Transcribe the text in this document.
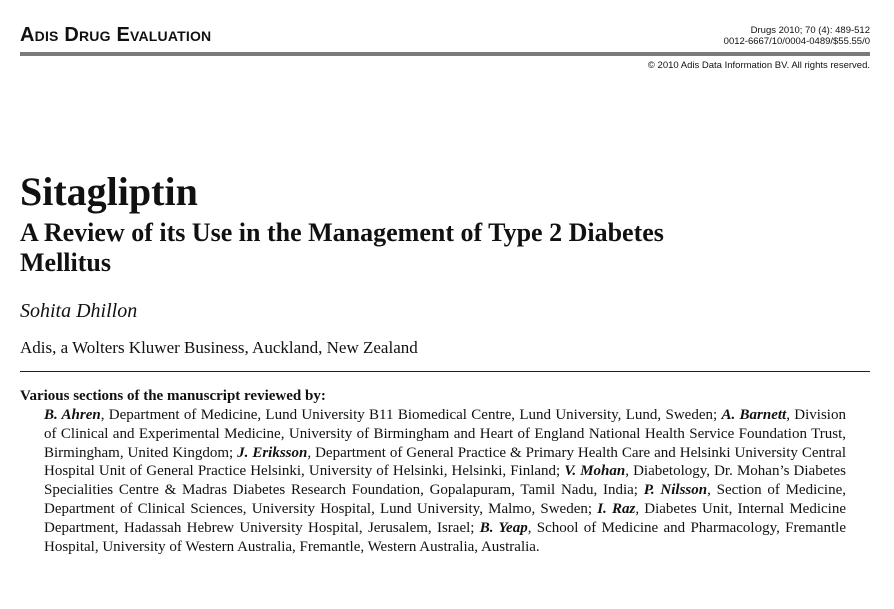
Adis Drug Evaluation	Drugs 2010; 70 (4): 489-512
0012-6667/10/0004-0489/$55.55/0
© 2010 Adis Data Information BV. All rights reserved.
Sitagliptin
A Review of its Use in the Management of Type 2 Diabetes Mellitus
Sohita Dhillon
Adis, a Wolters Kluwer Business, Auckland, New Zealand
Various sections of the manuscript reviewed by:
B. Ahren, Department of Medicine, Lund University B11 Biomedical Centre, Lund University, Lund, Sweden; A. Barnett, Division of Clinical and Experimental Medicine, University of Birmingham and Heart of England National Health Service Foundation Trust, Birmingham, United Kingdom; J. Eriksson, Department of General Practice & Primary Health Care and Helsinki University Central Hospital Unit of General Practice Helsinki, University of Helsinki, Helsinki, Finland; V. Mohan, Diabetology, Dr. Mohan’s Diabetes Specialities Centre & Madras Diabetes Research Foundation, Gopalapuram, Tamil Nadu, India; P. Nilsson, Section of Medicine, Department of Clinical Sciences, University Hospital, Lund University, Malmo, Sweden; I. Raz, Diabetes Unit, Internal Medicine Department, Hadassah Hebrew University Hospital, Jerusalem, Israel; B. Yeap, School of Medicine and Pharmacology, Fremantle Hospital, University of Western Australia, Fremantle, Western Australia, Australia.
